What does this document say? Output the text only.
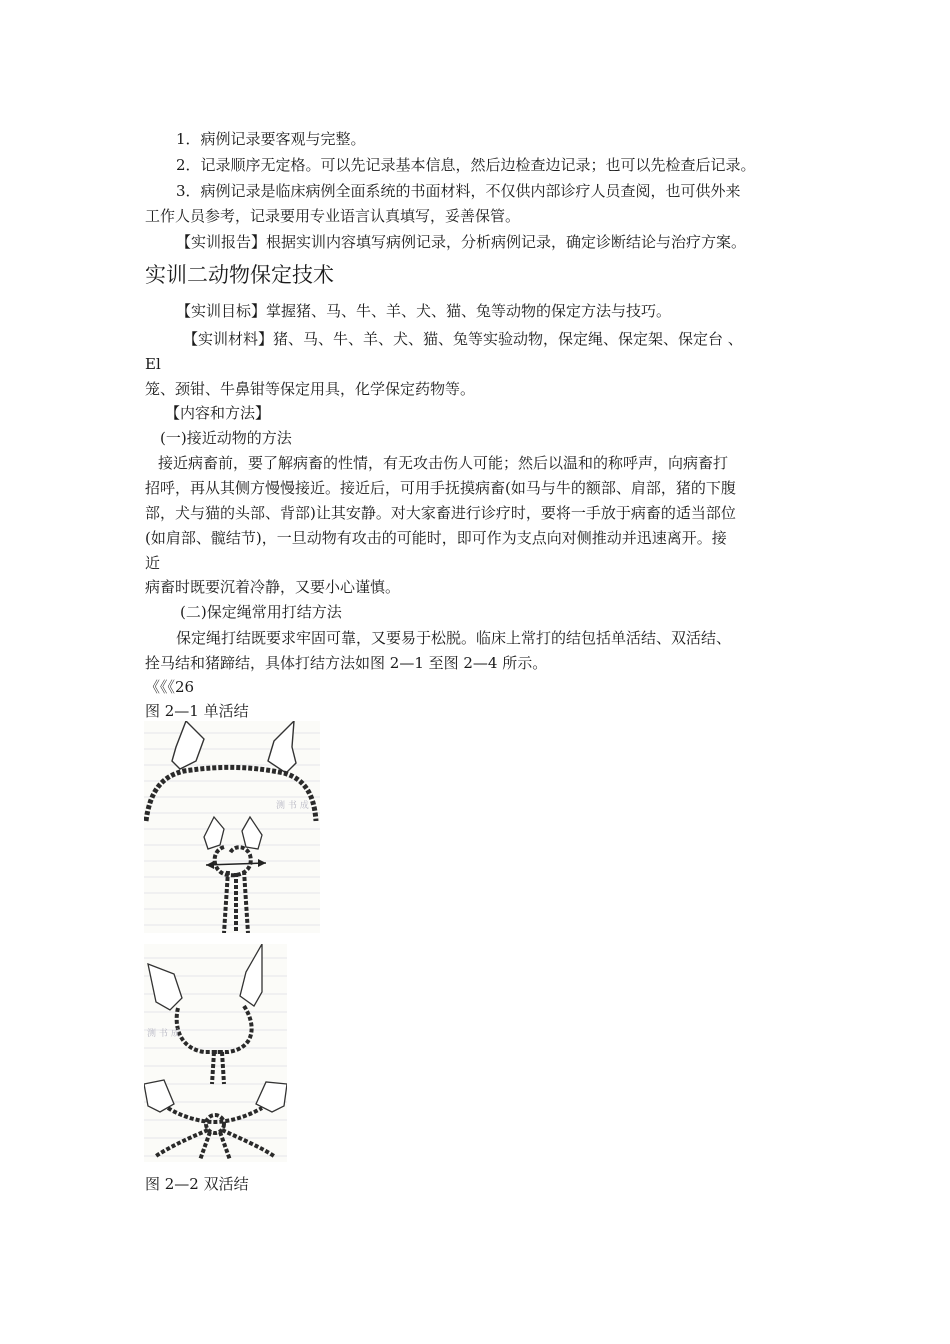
1．病例记录要客观与完整。
2．记录顺序无定格。可以先记录基本信息，然后边检查边记录；也可以先检查后记录。
3．病例记录是临床病例全面系统的书面材料，不仅供内部诊疗人员查阅，也可供外来
工作人员参考，记录要用专业语言认真填写，妥善保管。
【实训报告】根据实训内容填写病例记录，分析病例记录，确定诊断结论与治疗方案。
实训二动物保定技术
【实训目标】掌握猪、马、牛、羊、犬、猫、兔等动物的保定方法与技巧。
【实训材料】猪、马、牛、羊、犬、猫、兔等实验动物，保定绳、保定架、保定台 、
El
笼、颈钳、牛鼻钳等保定用具，化学保定药物等。
【内容和方法】
(一)接近动物的方法
接近病畜前，要了解病畜的性情，有无攻击伤人可能；然后以温和的称呼声，向病畜打
招呼，再从其侧方慢慢接近。接近后，可用手抚摸病畜(如马与牛的额部、肩部，猪的下腹
部，犬与猫的头部、背部)让其安静。对大家畜进行诊疗时，要将一手放于病畜的适当部位
(如肩部、髋结节)，一旦动物有攻击的可能时，即可作为支点向对侧推动并迅速离开。接
近
病畜时既要沉着冷静，又要小心谨慎。
(二)保定绳常用打结方法
保定绳打结既要求牢固可靠，又要易于松脱。临床上常打的结包括单活结、双活结、
拴马结和猪蹄结，具体打结方法如图 2—1 至图 2—4 所示。
《《《26
图 2—1 单活结
测 书 成
测 书 成
图 2—2 双活结
